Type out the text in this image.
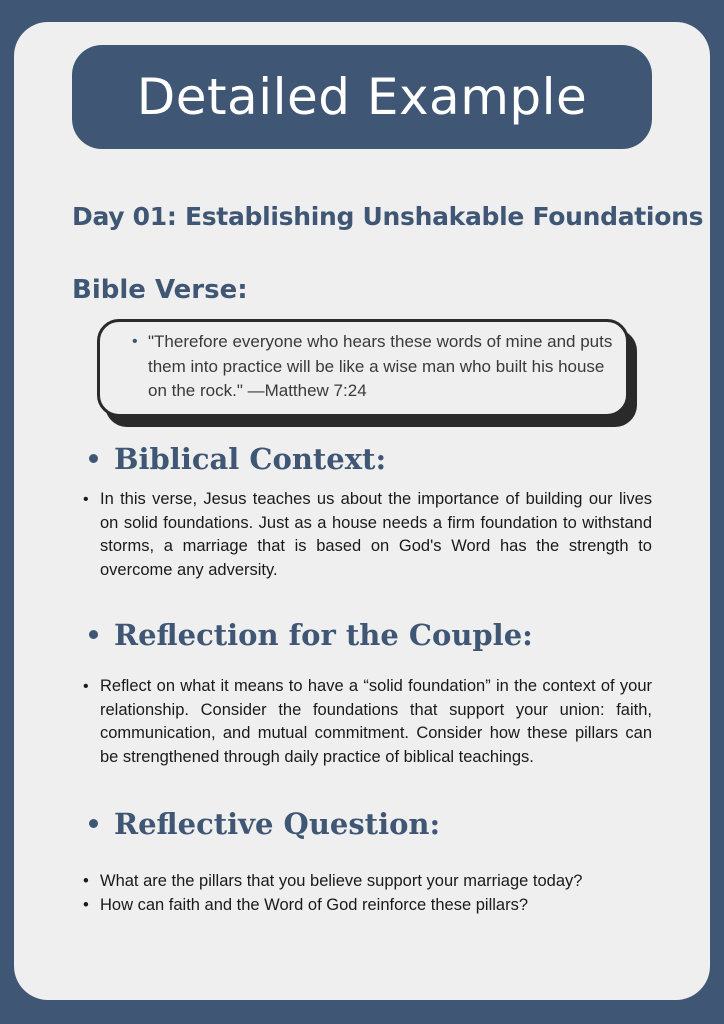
Detailed Example
Day 01: Establishing Unshakable Foundations
Bible Verse:
• "Therefore everyone who hears these words of mine and puts them into practice will be like a wise man who built his house on the rock." —Matthew 7:24
Biblical Context:
• In this verse, Jesus teaches us about the importance of building our lives on solid foundations. Just as a house needs a firm foundation to withstand storms, a marriage that is based on God's Word has the strength to overcome any adversity.
Reflection for the Couple:
• Reflect on what it means to have a “solid foundation” in the context of your relationship. Consider the foundations that support your union: faith, communication, and mutual commitment. Consider how these pillars can be strengthened through daily practice of biblical teachings.
Reflective Question:
• What are the pillars that you believe support your marriage today?
• How can faith and the Word of God reinforce these pillars?
